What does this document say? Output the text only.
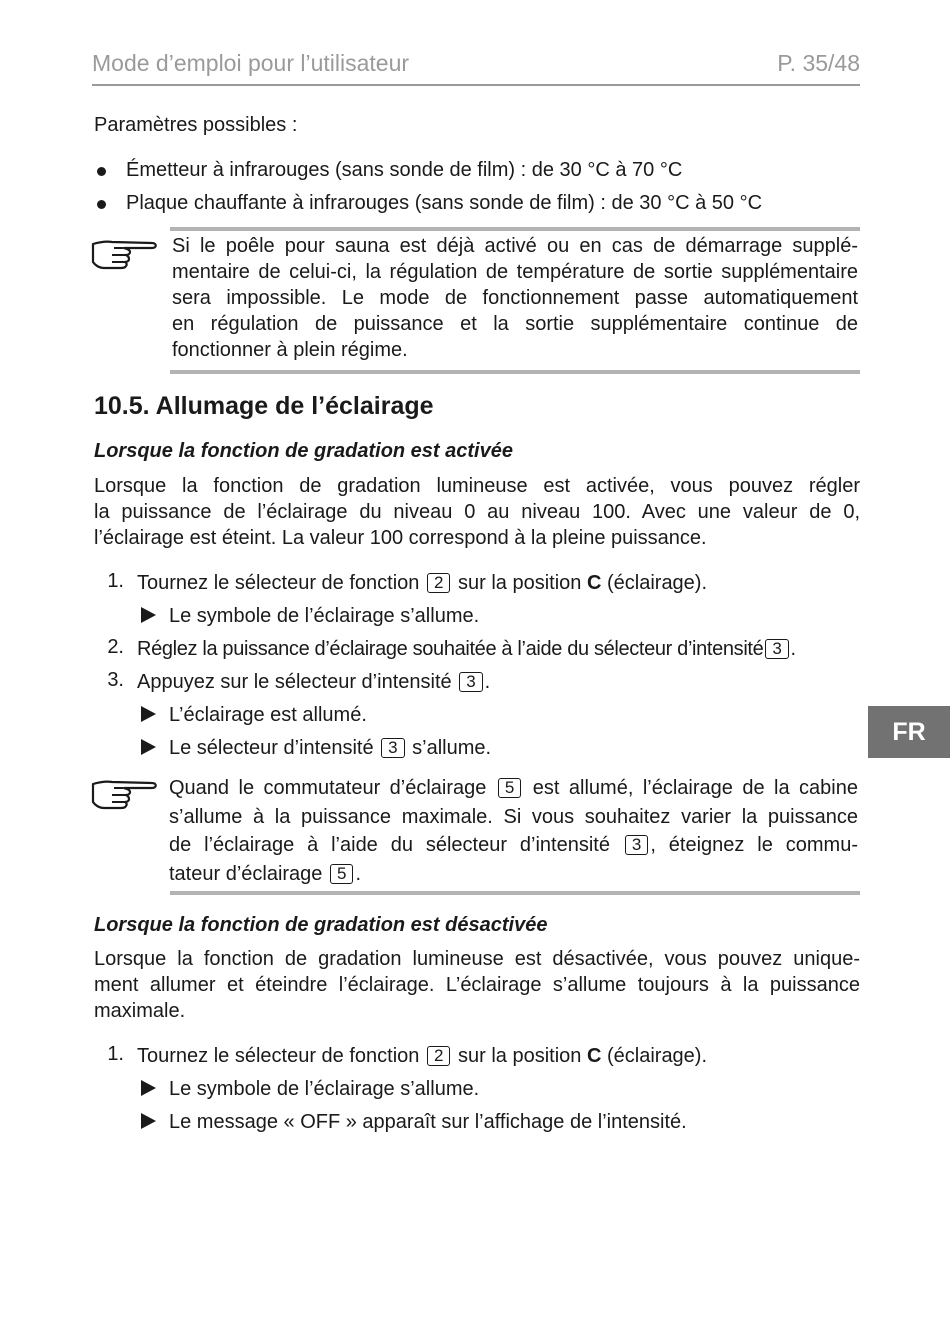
Mode d’emploi pour l’utilisateur	P. 35/48
Paramètres possibles :
Émetteur à infrarouges (sans sonde de film) : de 30 °C à 70 °C
Plaque chauffante à infrarouges (sans sonde de film) : de 30 °C à 50 °C
Si le poêle pour sauna est déjà activé ou en cas de démarrage supplé-
mentaire de celui-ci, la régulation de température de sortie supplémentaire
sera impossible. Le mode de fonctionnement passe automatiquement
en régulation de puissance et la sortie supplémentaire continue de
fonctionner à plein régime.
10.5. Allumage de l’éclairage
Lorsque la fonction de gradation est activée
Lorsque la fonction de gradation lumineuse est activée, vous pouvez régler
la puissance de l’éclairage du niveau 0 au niveau 100. Avec une valeur de 0,
l’éclairage est éteint. La valeur 100 correspond à la pleine puissance.
1. Tournez le sélecteur de fonction 2 sur la position C (éclairage).
Le symbole de l’éclairage s’allume.
2. Réglez la puissance d’éclairage souhaitée à l’aide du sélecteur d’intensité 3 .
3. Appuyez sur le sélecteur d’intensité 3 .
L’éclairage est allumé.
Le sélecteur d’intensité 3 s’allume.
FR
Quand le commutateur d’éclairage 5 est allumé, l’éclairage de la cabine
s’allume à la puissance maximale. Si vous souhaitez varier la puissance
de l’éclairage à l’aide du sélecteur d’intensité 3 , éteignez le commu-
tateur d’éclairage 5 .
Lorsque la fonction de gradation est désactivée
Lorsque la fonction de gradation lumineuse est désactivée, vous pouvez unique-
ment allumer et éteindre l’éclairage. L’éclairage s’allume toujours à la puissance
maximale.
1. Tournez le sélecteur de fonction 2 sur la position C (éclairage).
Le symbole de l’éclairage s’allume.
Le message « OFF » apparaît sur l’affichage de l’intensité.
